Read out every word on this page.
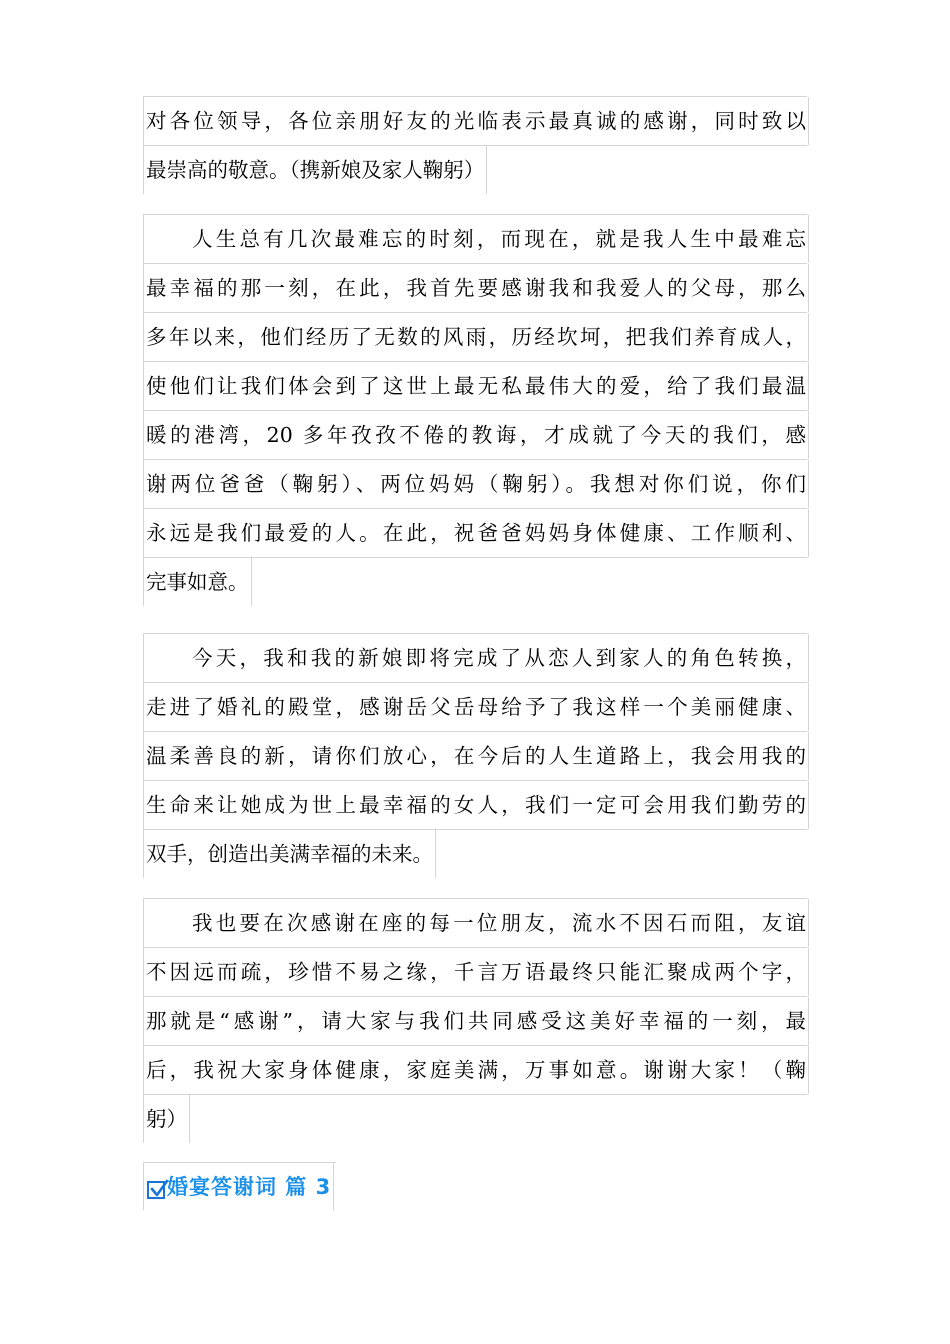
对各位领导，各位亲朋好友的光临表示最真诚的感谢，同时致以
最崇高的敬意。（携新娘及家人鞠躬）
人生总有几次最难忘的时刻，而现在，就是我人生中最难忘
最幸福的那一刻，在此，我首先要感谢我和我爱人的父母，那么
多年以来，他们经历了无数的风雨，历经坎坷，把我们养育成人，
使他们让我们体会到了这世上最无私最伟大的爱，给了我们最温
暖的港湾，20 多年孜孜不倦的教诲，才成就了今天的我们，感
谢两位爸爸（鞠躬）、两位妈妈（鞠躬）。我想对你们说，你们
永远是我们最爱的人。在此，祝爸爸妈妈身体健康、工作顺利、
完事如意。
今天，我和我的新娘即将完成了从恋人到家人的角色转换，
走进了婚礼的殿堂，感谢岳父岳母给予了我这样一个美丽健康、
温柔善良的新，请你们放心，在今后的人生道路上，我会用我的
生命来让她成为世上最幸福的女人，我们一定可会用我们勤劳的
双手，创造出美满幸福的未来。
我也要在次感谢在座的每一位朋友，流水不因石而阻，友谊
不因远而疏，珍惜不易之缘，千言万语最终只能汇聚成两个字，
那就是“感谢”，请大家与我们共同感受这美好幸福的一刻，最
后，我祝大家身体健康，家庭美满，万事如意。谢谢大家！（鞠
躬）
婚宴答谢词 篇 3
